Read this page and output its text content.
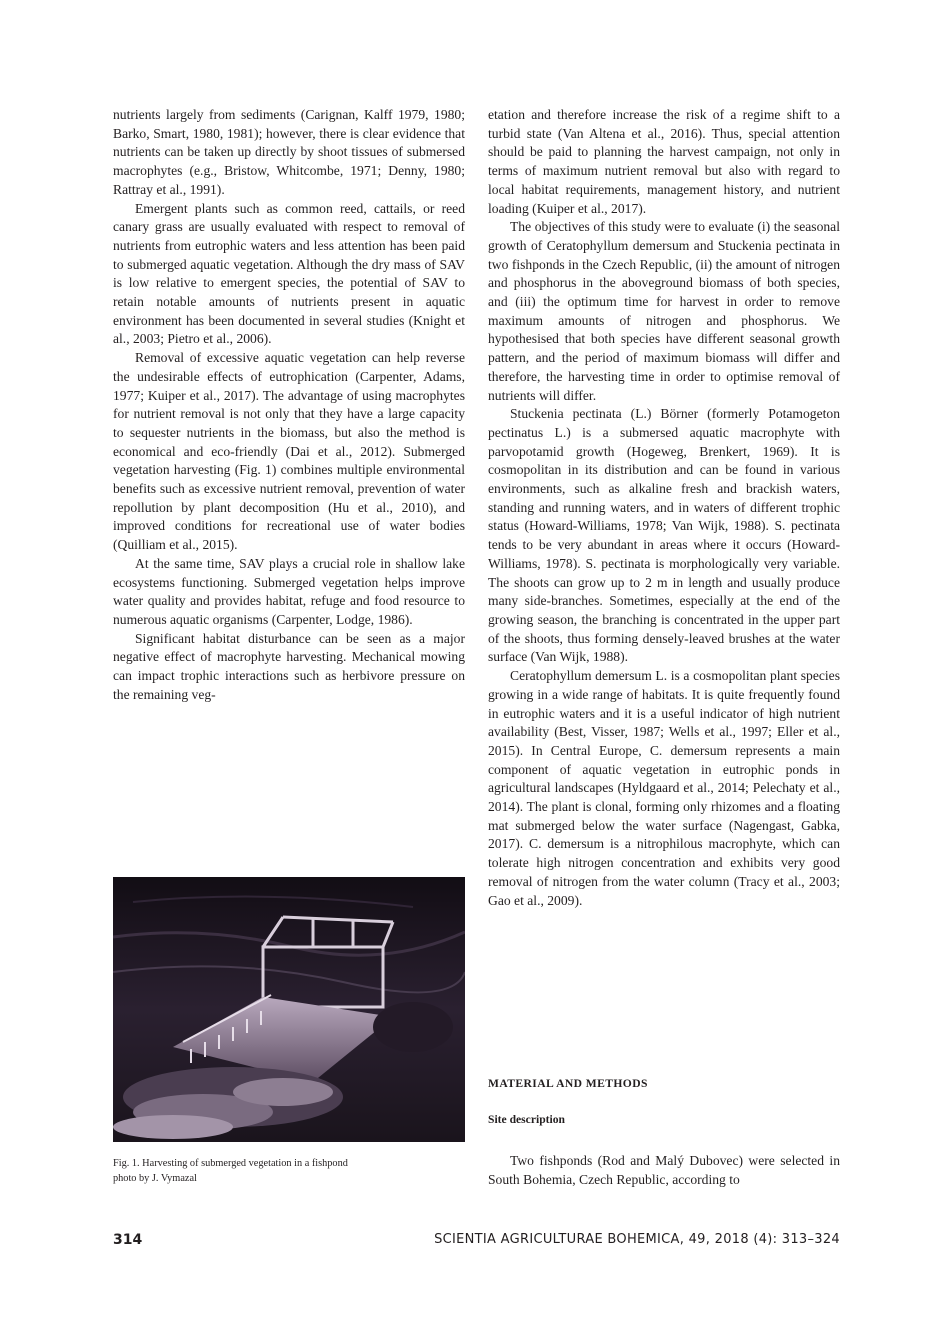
nutrients largely from sediments (Carignan, Kalff 1979, 1980; Barko, Smart, 1980, 1981); however, there is clear evidence that nutrients can be taken up directly by shoot tissues of submersed macrophytes (e.g., Bristow, Whitcombe, 1971; Denny, 1980; Rattray et al., 1991).

Emergent plants such as common reed, cattails, or reed canary grass are usually evaluated with respect to removal of nutrients from eutrophic waters and less attention has been paid to submerged aquatic vegetation. Although the dry mass of SAV is low relative to emergent species, the potential of SAV to retain notable amounts of nutrients present in aquatic environment has been documented in several studies (Knight et al., 2003; Pietro et al., 2006).

Removal of excessive aquatic vegetation can help reverse the undesirable effects of eutrophication (Carpenter, Adams, 1977; Kuiper et al., 2017). The advantage of using macrophytes for nutrient removal is not only that they have a large capacity to sequester nutrients in the biomass, but also the method is economical and eco-friendly (Dai et al., 2012). Submerged vegetation harvesting (Fig. 1) combines multiple environmental benefits such as excessive nutrient removal, prevention of water repollution by plant decomposition (Hu et al., 2010), and improved conditions for recreational use of water bodies (Quilliam et al., 2015).

At the same time, SAV plays a crucial role in shallow lake ecosystems functioning. Submerged vegetation helps improve water quality and provides habitat, refuge and food resource to numerous aquatic organisms (Carpenter, Lodge, 1986).

Significant habitat disturbance can be seen as a major negative effect of macrophyte harvesting. Mechanical mowing can impact trophic interactions such as herbivore pressure on the remaining veg-

Fig. 1. Harvesting of submerged vegetation in a fishpond
photo by J. Vymazal

etation and therefore increase the risk of a regime shift to a turbid state (Van Altena et al., 2016). Thus, special attention should be paid to planning the harvest campaign, not only in terms of maximum nutrient removal but also with regard to local habitat requirements, management history, and nutrient loading (Kuiper et al., 2017).

The objectives of this study were to evaluate (i) the seasonal growth of Ceratophyllum demersum and Stuckenia pectinata in two fishponds in the Czech Republic, (ii) the amount of nitrogen and phosphorus in the aboveground biomass of both species, and (iii) the optimum time for harvest in order to remove maximum amounts of nitrogen and phosphorus. We hypothesised that both species have different seasonal growth pattern, and the period of maximum biomass will differ and therefore, the harvesting time in order to optimise removal of nutrients will differ.

Stuckenia pectinata (L.) Börner (formerly Potamogeton pectinatus L.) is a submersed aquatic macrophyte with parvopotamid growth (Hogeweg, Brenkert, 1969). It is cosmopolitan in its distribution and can be found in various environments, such as alkaline fresh and brackish waters, standing and running waters, and in waters of different trophic status (Howard-Williams, 1978; Van Wijk, 1988). S. pectinata tends to be very abundant in areas where it occurs (Howard-Williams, 1978). S. pectinata is morphologically very variable. The shoots can grow up to 2 m in length and usually produce many side-branches. Sometimes, especially at the end of the growing season, the branching is concentrated in the upper part of the shoots, thus forming densely-leaved brushes at the water surface (Van Wijk, 1988).

Ceratophyllum demersum L. is a cosmopolitan plant species growing in a wide range of habitats. It is quite frequently found in eutrophic waters and it is a useful indicator of high nutrient availability (Best, Visser, 1987; Wells et al., 1997; Eller et al., 2015). In Central Europe, C. demersum represents a main component of aquatic vegetation in eutrophic ponds in agricultural landscapes (Hyldgaard et al., 2014; Pelechaty et al., 2014). The plant is clonal, forming only rhizomes and a floating mat submerged below the water surface (Nagengast, Gabka, 2017). C. demersum is a nitrophilous macrophyte, which can tolerate high nitrogen concentration and exhibits very good removal of nitrogen from the water column (Tracy et al., 2003; Gao et al., 2009).

MATERIAL AND METHODS

Site description

Two fishponds (Rod and Malý Dubovec) were selected in South Bohemia, Czech Republic, according to

314	SCIENTIA AGRICULTURAE BOHEMICA, 49, 2018 (4): 313–324
